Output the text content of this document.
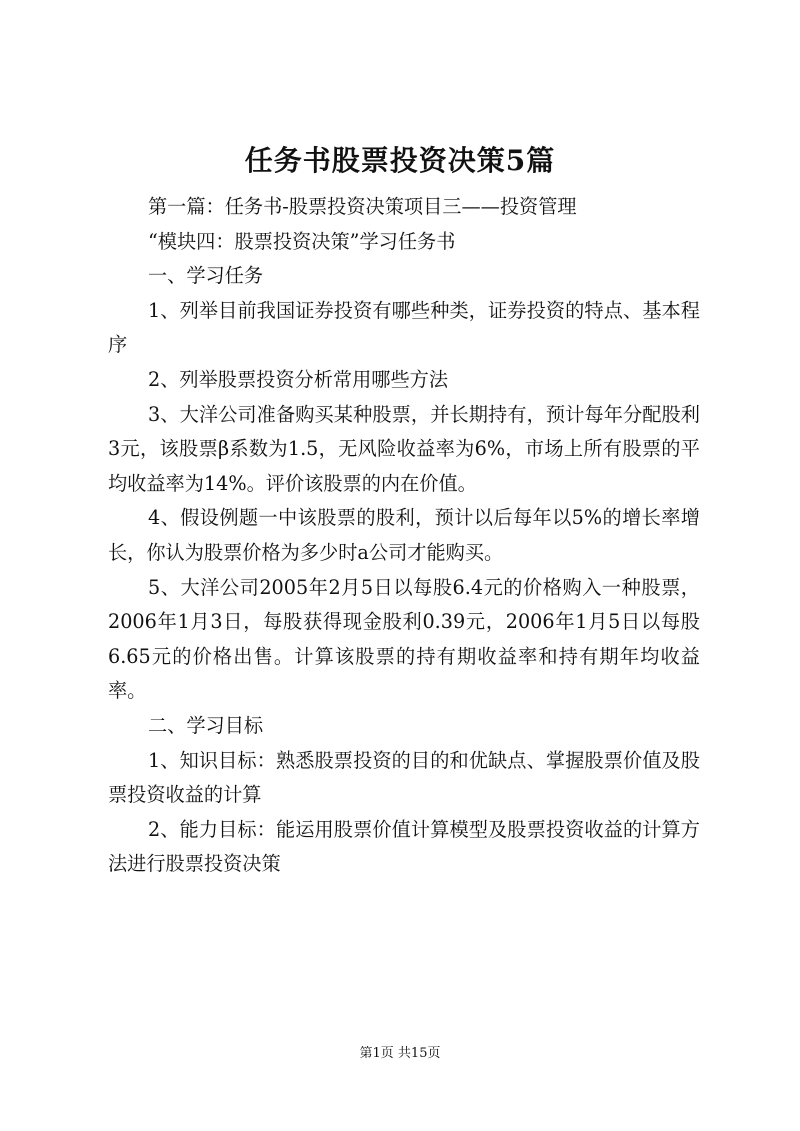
任务书股票投资决策5篇

第一篇：任务书-股票投资决策项目三——投资管理

“模块四：股票投资决策”学习任务书

一、学习任务

1、列举目前我国证券投资有哪些种类，证券投资的特点、基本程序

2、列举股票投资分析常用哪些方法

3、大洋公司准备购买某种股票，并长期持有，预计每年分配股利3元，该股票β系数为1.5，无风险收益率为6%，市场上所有股票的平均收益率为14%。评价该股票的内在价值。

4、假设例题一中该股票的股利，预计以后每年以5%的增长率增长，你认为股票价格为多少时a公司才能购买。

5、大洋公司2005年2月5日以每股6.4元的价格购入一种股票，2006年1月3日，每股获得现金股利0.39元，2006年1月5日以每股6.65元的价格出售。计算该股票的持有期收益率和持有期年均收益率。

二、学习目标

1、知识目标：熟悉股票投资的目的和优缺点、掌握股票价值及股票投资收益的计算

2、能力目标：能运用股票价值计算模型及股票投资收益的计算方法进行股票投资决策

第1页 共15页
